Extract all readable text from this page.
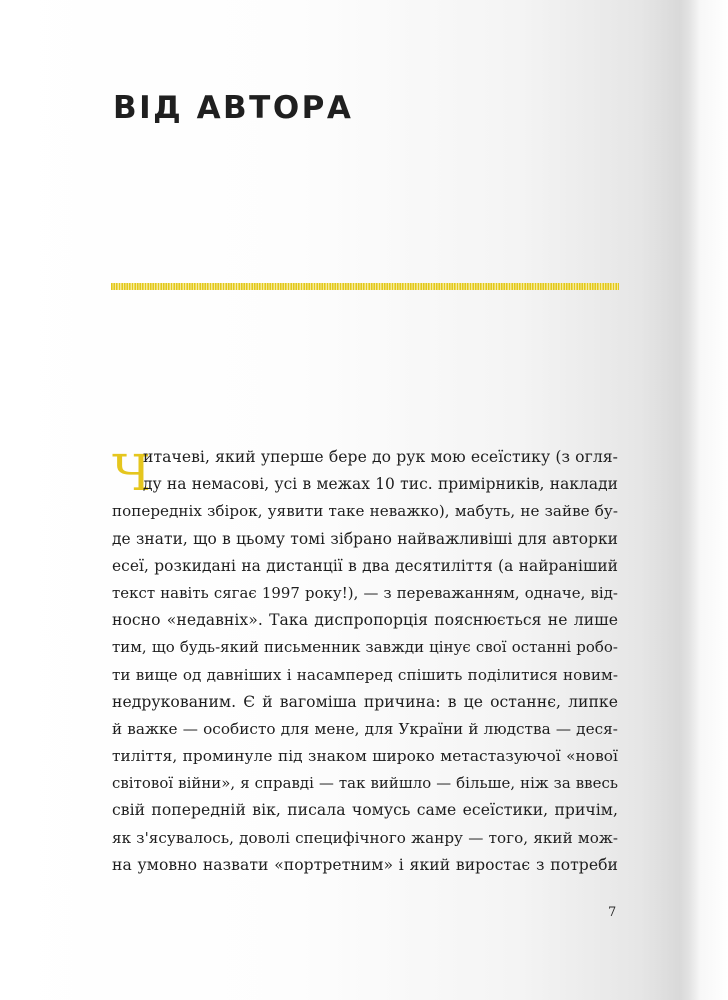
ВІД АВТОРА
Ч
итачеві, який уперше бере до рук мою есеїстику (з огля-
ду на немасові, усі в межах 10 тис. примірників, наклади
попередніх збірок, уявити таке неважко), мабуть, не зайве бу-
де знати, що в цьому томі зібрано найважливіші для авторки
есеї, розкидані на дистанції в два десятиліття (а найраніший
текст навіть сягає 1997 року!), — з переважанням, одначе, від-
носно «недавніх». Така диспропорція пояснюється не лише
тим, що будь-який письменник завжди цінує свої останні робо-
ти вище од давніших і насамперед спішить поділитися новим-
недрукованим. Є й вагоміша причина: в це останнє, липке
й важке — особисто для мене, для України й людства — деся-
тиліття, проминуле під знаком широко метастазуючої «нової
світової війни», я справді — так вийшло — більше, ніж за ввесь
свій попередній вік, писала чомусь саме есеїстики, причім,
як з'ясувалось, доволі специфічного жанру — того, який мож-
на умовно назвати «портретним» і який виростає з потреби
7
